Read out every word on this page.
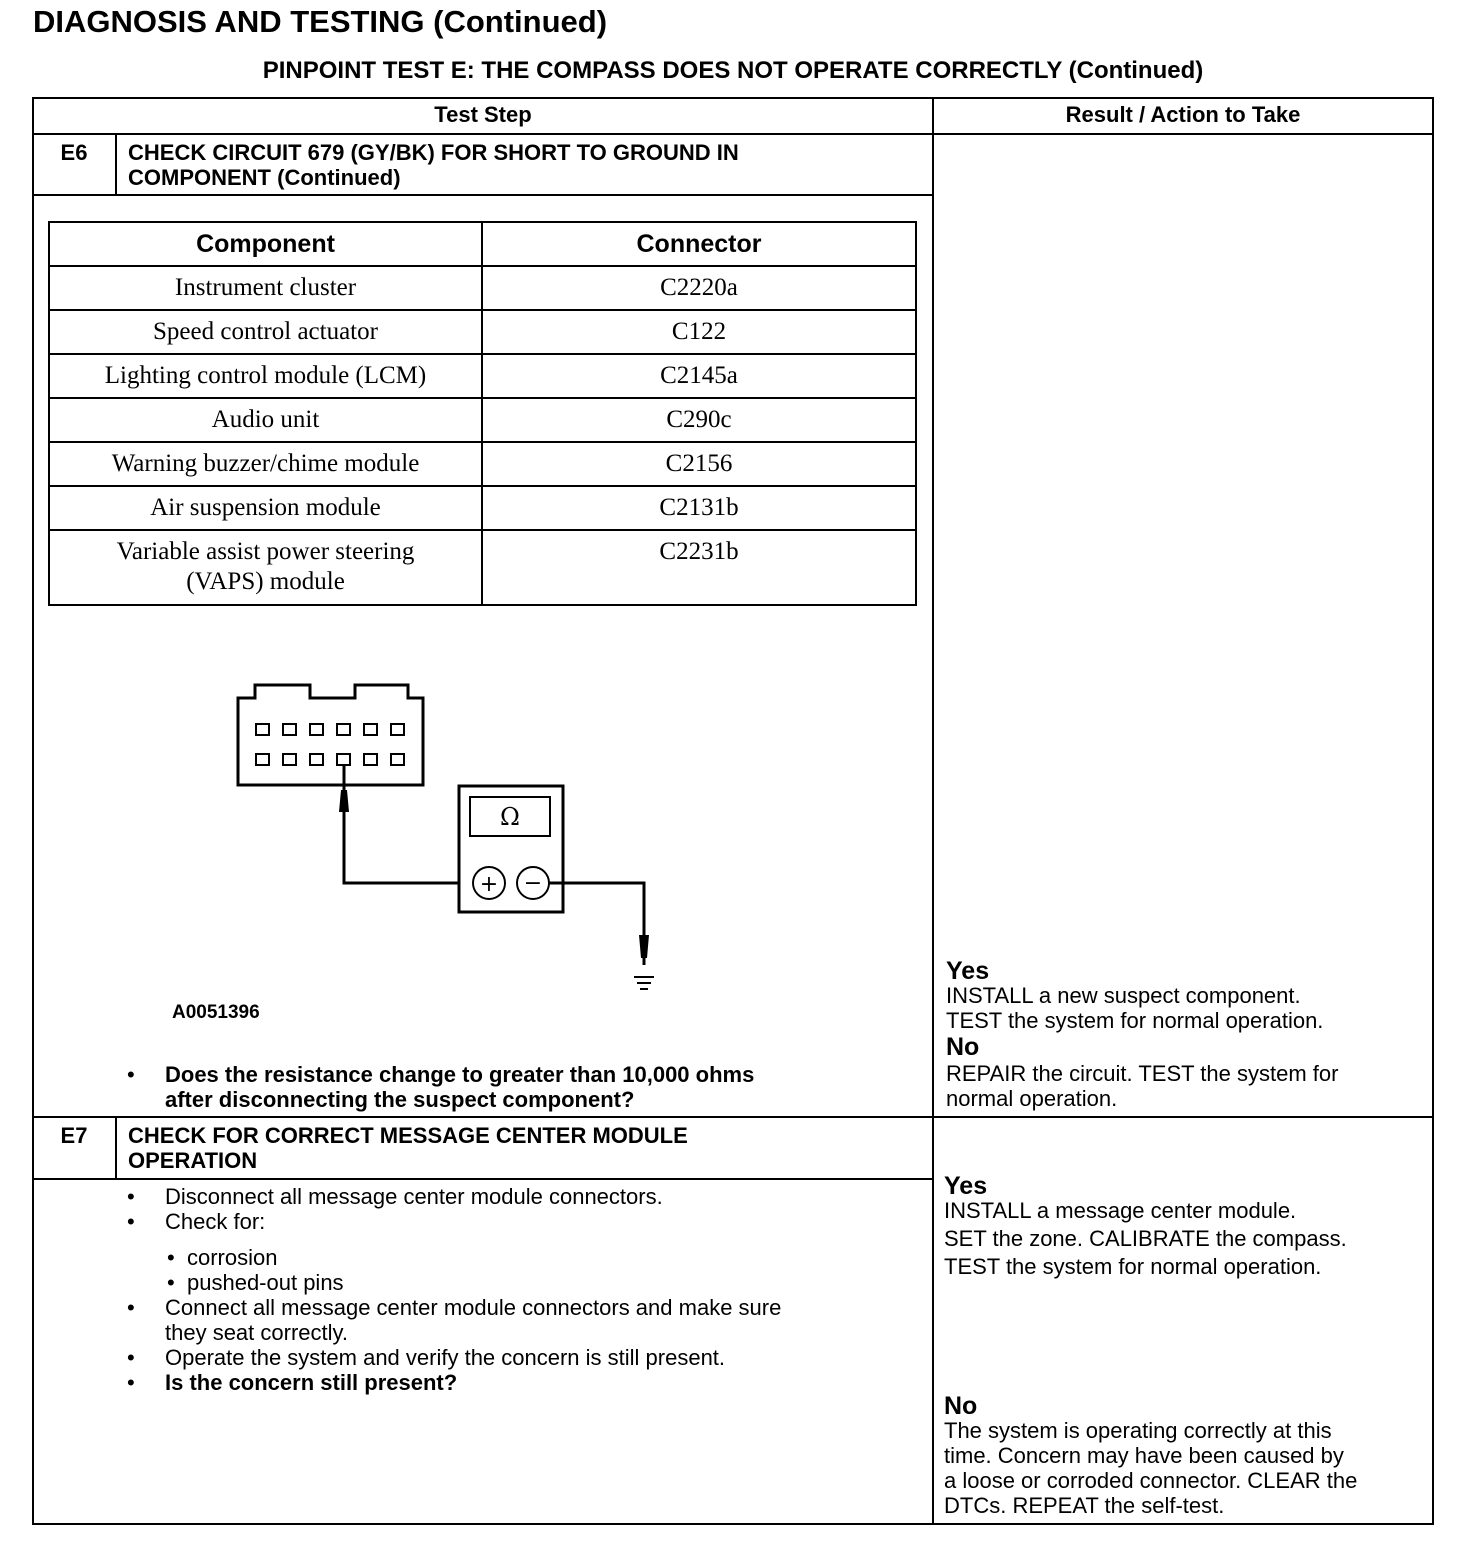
DIAGNOSIS AND TESTING (Continued)
PINPOINT TEST E: THE COMPASS DOES NOT OPERATE CORRECTLY (Continued)
Test Step	Result / Action to Take
E6	CHECK CIRCUIT 679 (GY/BK) FOR SHORT TO GROUND IN
COMPONENT (Continued)
Component	Connector
Instrument cluster	C2220a
Speed control actuator	C122
Lighting control module (LCM)	C2145a
Audio unit	C290c
Warning buzzer/chime module	C2156
Air suspension module	C2131b

Variable assist power steering
(VAPS) module	C2231b
Ω
+ −
A0051396
• Does the resistance change to greater than 10,000 ohms
after disconnecting the suspect component?
Yes
INSTALL a new suspect component.
TEST the system for normal operation.
No
REPAIR the circuit. TEST the system for
normal operation.
E7	CHECK FOR CORRECT MESSAGE CENTER MODULE
OPERATION
• Disconnect all message center module connectors.
• Check for:
• corrosion
• pushed-out pins
• Connect all message center module connectors and make sure
they seat correctly.
• Operate the system and verify the concern is still present.
• Is the concern still present?
Yes
INSTALL a message center module.
SET the zone. CALIBRATE the compass.
TEST the system for normal operation.
No
The system is operating correctly at this
time. Concern may have been caused by
a loose or corroded connector. CLEAR the
DTCs. REPEAT the self-test.
